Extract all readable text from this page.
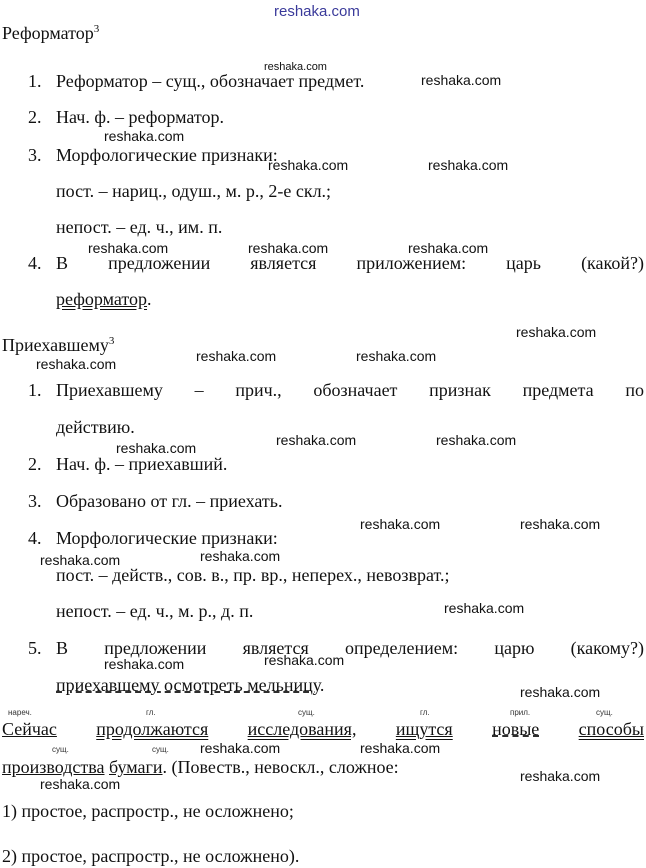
reshaka.com
Реформатор$^3$
1. Реформатор – сущ., обозначает предмет.
2. Нач. ф. – реформатор.
3. Морфологические признаки:
пост. – нариц., одуш., м. р., 2-е скл.;
непост. – ед. ч., им. п.
4. В предложении является приложением: царь (какой?)
реформатор.
Приехавшему$^3$
1. Приехавшему – прич., обозначает признак предмета по
действию.
2. Нач. ф. – приехавший.
3. Образовано от гл. – приехать.
4. Морфологические признаки:
пост. – действ., сов. в., пр. вр., неперех., невозврат.;
непост. – ед. ч., м. р., д. п.
5. В предложении является определением: царю (какому?)
приехавшему осмотреть мельницу.
нареч.	гл.	сущ.	гл.	прил.	сущ.
Сейчас продолжаются исследования, ищутся новые способы
сущ.	сущ.
производства бумаги. (Повеств., невоскл., сложное:
1) простое, распростр., не осложнено;
2) простое, распростр., не осложнено).
reshaka.com
reshaka.com
reshaka.com
reshaka.com	reshaka.com
reshaka.com	reshaka.com	reshaka.com
reshaka.com
reshaka.com	reshaka.com	reshaka.com
reshaka.com	reshaka.com	reshaka.com
reshaka.com	reshaka.com
reshaka.com	reshaka.com
reshaka.com
reshaka.com	reshaka.com
reshaka.com
reshaka.com	reshaka.com
reshaka.com
reshaka.com
